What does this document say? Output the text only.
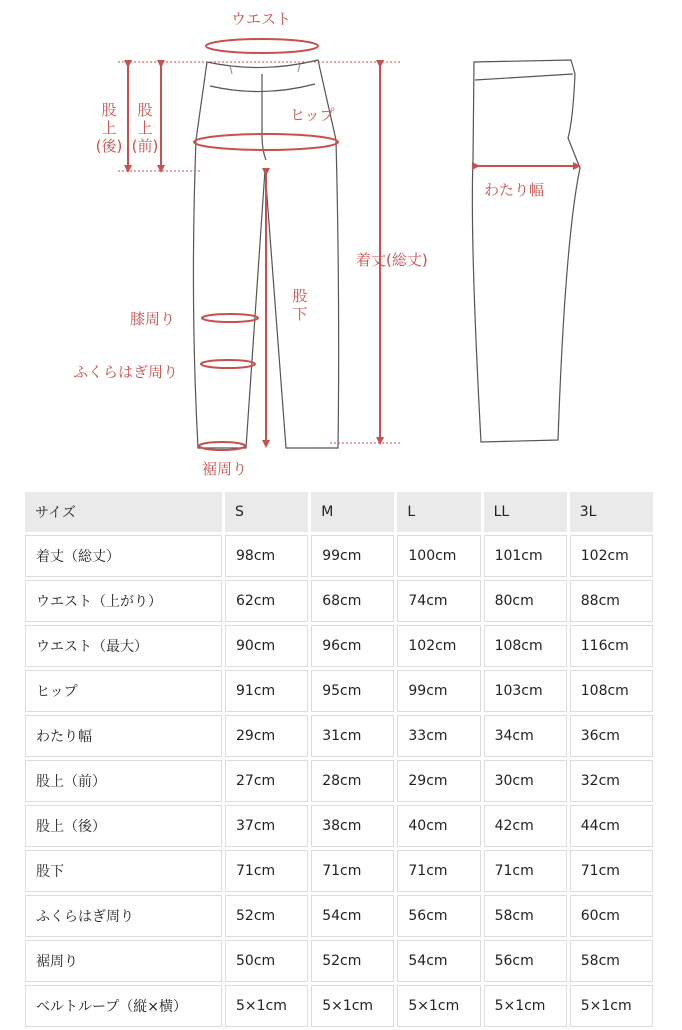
ウエスト
ヒップ
股
上
(後)
股
上
(前)
股
下
着丈(総丈)
わたり幅
膝周り
ふくらはぎ周り
裾周り
サイズ	S	M	L	LL	3L
着丈（総丈）	98cm	99cm	100cm	101cm	102cm
ウエスト（上がり）	62cm	68cm	74cm	80cm	88cm
ウエスト（最大）	90cm	96cm	102cm	108cm	116cm
ヒップ	91cm	95cm	99cm	103cm	108cm
わたり幅	29cm	31cm	33cm	34cm	36cm
股上（前）	27cm	28cm	29cm	30cm	32cm
股上（後）	37cm	38cm	40cm	42cm	44cm
股下	71cm	71cm	71cm	71cm	71cm
ふくらはぎ周り	52cm	54cm	56cm	58cm	60cm
裾周り	50cm	52cm	54cm	56cm	58cm
ベルトループ（縦×横）	5×1cm	5×1cm	5×1cm	5×1cm	5×1cm
